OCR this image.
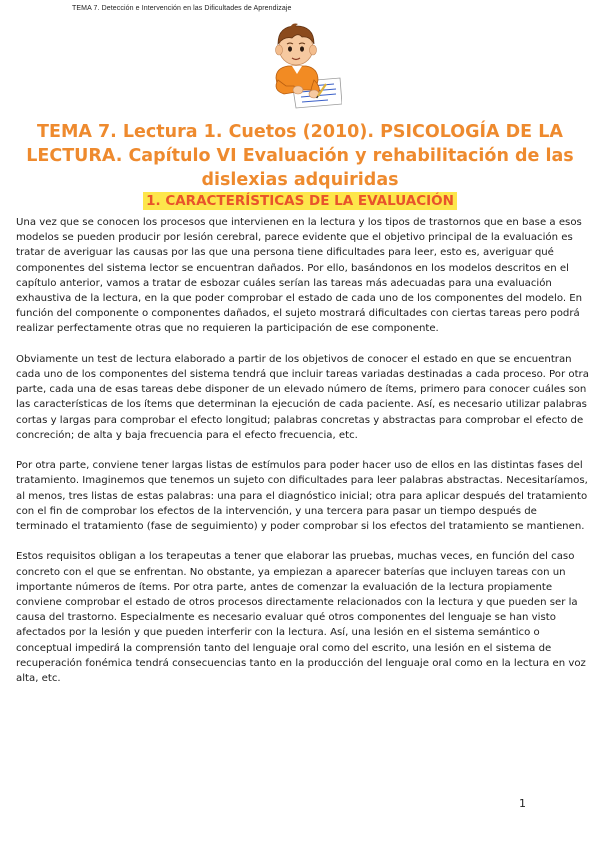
TEMA 7. Detección e Intervención en las Dificultades de Aprendizaje
TEMA 7. Lectura 1. Cuetos (2010). PSICOLOGÍA DE LA LECTURA. Capítulo VI Evaluación y rehabilitación de las dislexias adquiridas
1. CARACTERÍSTICAS DE LA EVALUACIÓN

Una vez que se conocen los procesos que intervienen en la lectura y los tipos de trastornos que en base a esos modelos se pueden producir por lesión cerebral, parece evidente que el objetivo principal de la evaluación es tratar de averiguar las causas por las que una persona tiene dificultades para leer, esto es, averiguar qué componentes del sistema lector se encuentran dañados. Por ello, basándonos en los modelos descritos en el capítulo anterior, vamos a tratar de esbozar cuáles serían las tareas más adecuadas para una evaluación exhaustiva de la lectura, en la que poder comprobar el estado de cada uno de los componentes del modelo. En función del componente o componentes dañados, el sujeto mostrará dificultades con ciertas tareas pero podrá realizar perfectamente otras que no requieren la participación de ese componente.

Obviamente un test de lectura elaborado a partir de los objetivos de conocer el estado en que se encuentran cada uno de los componentes del sistema tendrá que incluir tareas variadas destinadas a cada proceso. Por otra parte, cada una de esas tareas debe disponer de un elevado número de ítems, primero para conocer cuáles son las características de los ítems que determinan la ejecución de cada paciente. Así, es necesario utilizar palabras cortas y largas para comprobar el efecto longitud; palabras concretas y abstractas para comprobar el efecto de concreción; de alta y baja frecuencia para el efecto frecuencia, etc.

Por otra parte, conviene tener largas listas de estímulos para poder hacer uso de ellos en las distintas fases del tratamiento. Imaginemos que tenemos un sujeto con dificultades para leer palabras abstractas. Necesitaríamos, al menos, tres listas de estas palabras: una para el diagnóstico inicial; otra para aplicar después del tratamiento con el fin de comprobar los efectos de la intervención, y una tercera para pasar un tiempo después de terminado el tratamiento (fase de seguimiento) y poder comprobar si los efectos del tratamiento se mantienen.

Estos requisitos obligan a los terapeutas a tener que elaborar las pruebas, muchas veces, en función del caso concreto con el que se enfrentan. No obstante, ya empiezan a aparecer baterías que incluyen tareas con un importante números de ítems. Por otra parte, antes de comenzar la evaluación de la lectura propiamente conviene comprobar el estado de otros procesos directamente relacionados con la lectura y que pueden ser la causa del trastorno. Especialmente es necesario evaluar qué otros componentes del lenguaje se han visto afectados por la lesión y que pueden interferir con la lectura. Así, una lesión en el sistema semántico o conceptual impedirá la comprensión tanto del lenguaje oral como del escrito, una lesión en el sistema de recuperación fonémica tendrá consecuencias tanto en la producción del lenguaje oral como en la lectura en voz alta, etc.

1
